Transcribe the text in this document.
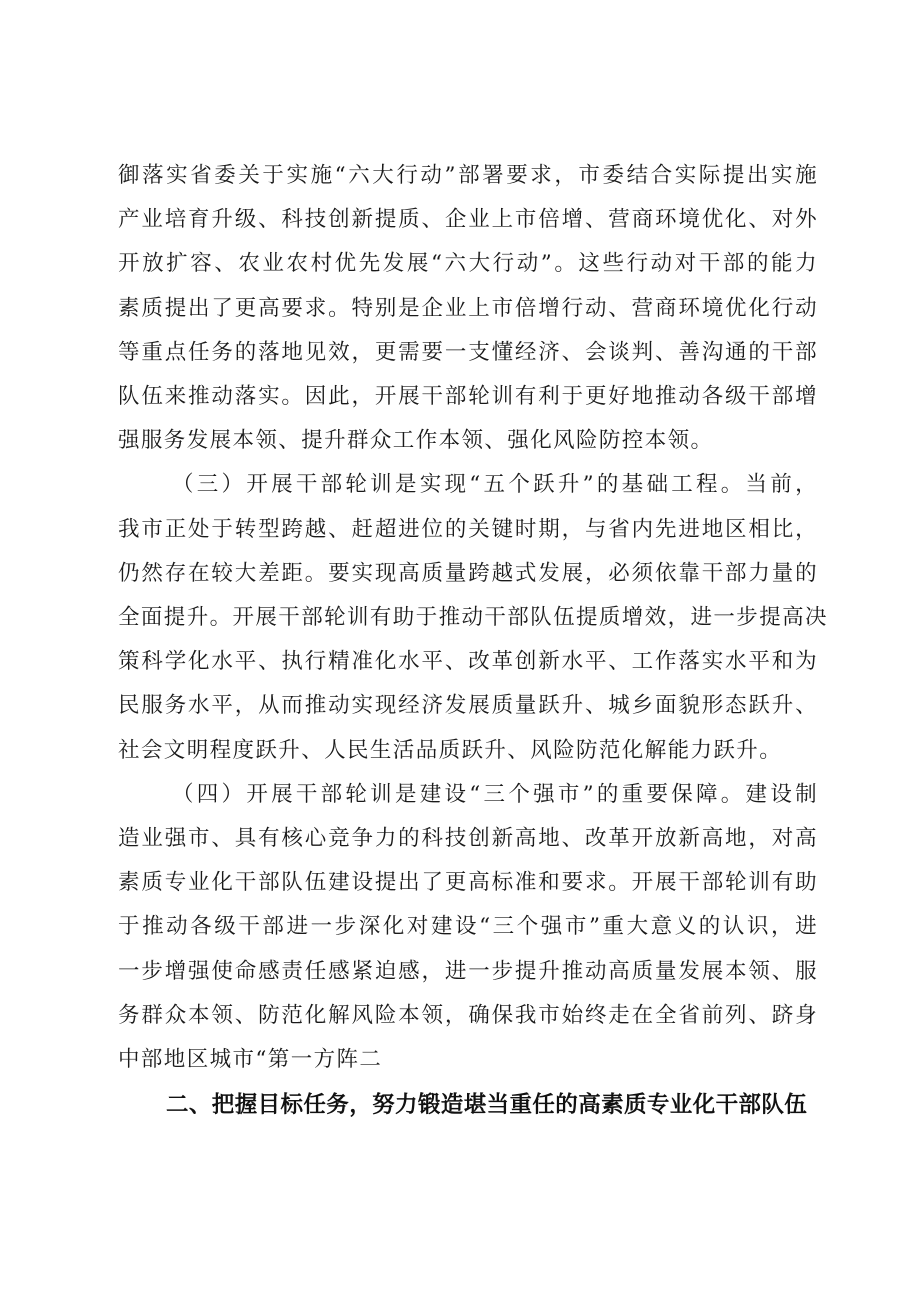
御落实省委关于实施“六大行动”部署要求，市委结合实际提出实施
产业培育升级、科技创新提质、企业上市倍增、营商环境优化、对外
开放扩容、农业农村优先发展“六大行动”。这些行动对干部的能力
素质提出了更高要求。特别是企业上市倍增行动、营商环境优化行动
等重点任务的落地见效，更需要一支懂经济、会谈判、善沟通的干部
队伍来推动落实。因此，开展干部轮训有利于更好地推动各级干部增
强服务发展本领、提升群众工作本领、强化风险防控本领。

（三）开展干部轮训是实现“五个跃升”的基础工程。当前，
我市正处于转型跨越、赶超进位的关键时期，与省内先进地区相比，
仍然存在较大差距。要实现高质量跨越式发展，必须依靠干部力量的
全面提升。开展干部轮训有助于推动干部队伍提质增效，进一步提高决
策科学化水平、执行精准化水平、改革创新水平、工作落实水平和为
民服务水平，从而推动实现经济发展质量跃升、城乡面貌形态跃升、
社会文明程度跃升、人民生活品质跃升、风险防范化解能力跃升。

（四）开展干部轮训是建设“三个强市”的重要保障。建设制
造业强市、具有核心竞争力的科技创新高地、改革开放新高地，对高
素质专业化干部队伍建设提出了更高标准和要求。开展干部轮训有助
于推动各级干部进一步深化对建设“三个强市”重大意义的认识，进
一步增强使命感责任感紧迫感，进一步提升推动高质量发展本领、服
务群众本领、防范化解风险本领，确保我市始终走在全省前列、跻身
中部地区城市“第一方阵二

二、把握目标任务，努力锻造堪当重任的高素质专业化干部队伍
